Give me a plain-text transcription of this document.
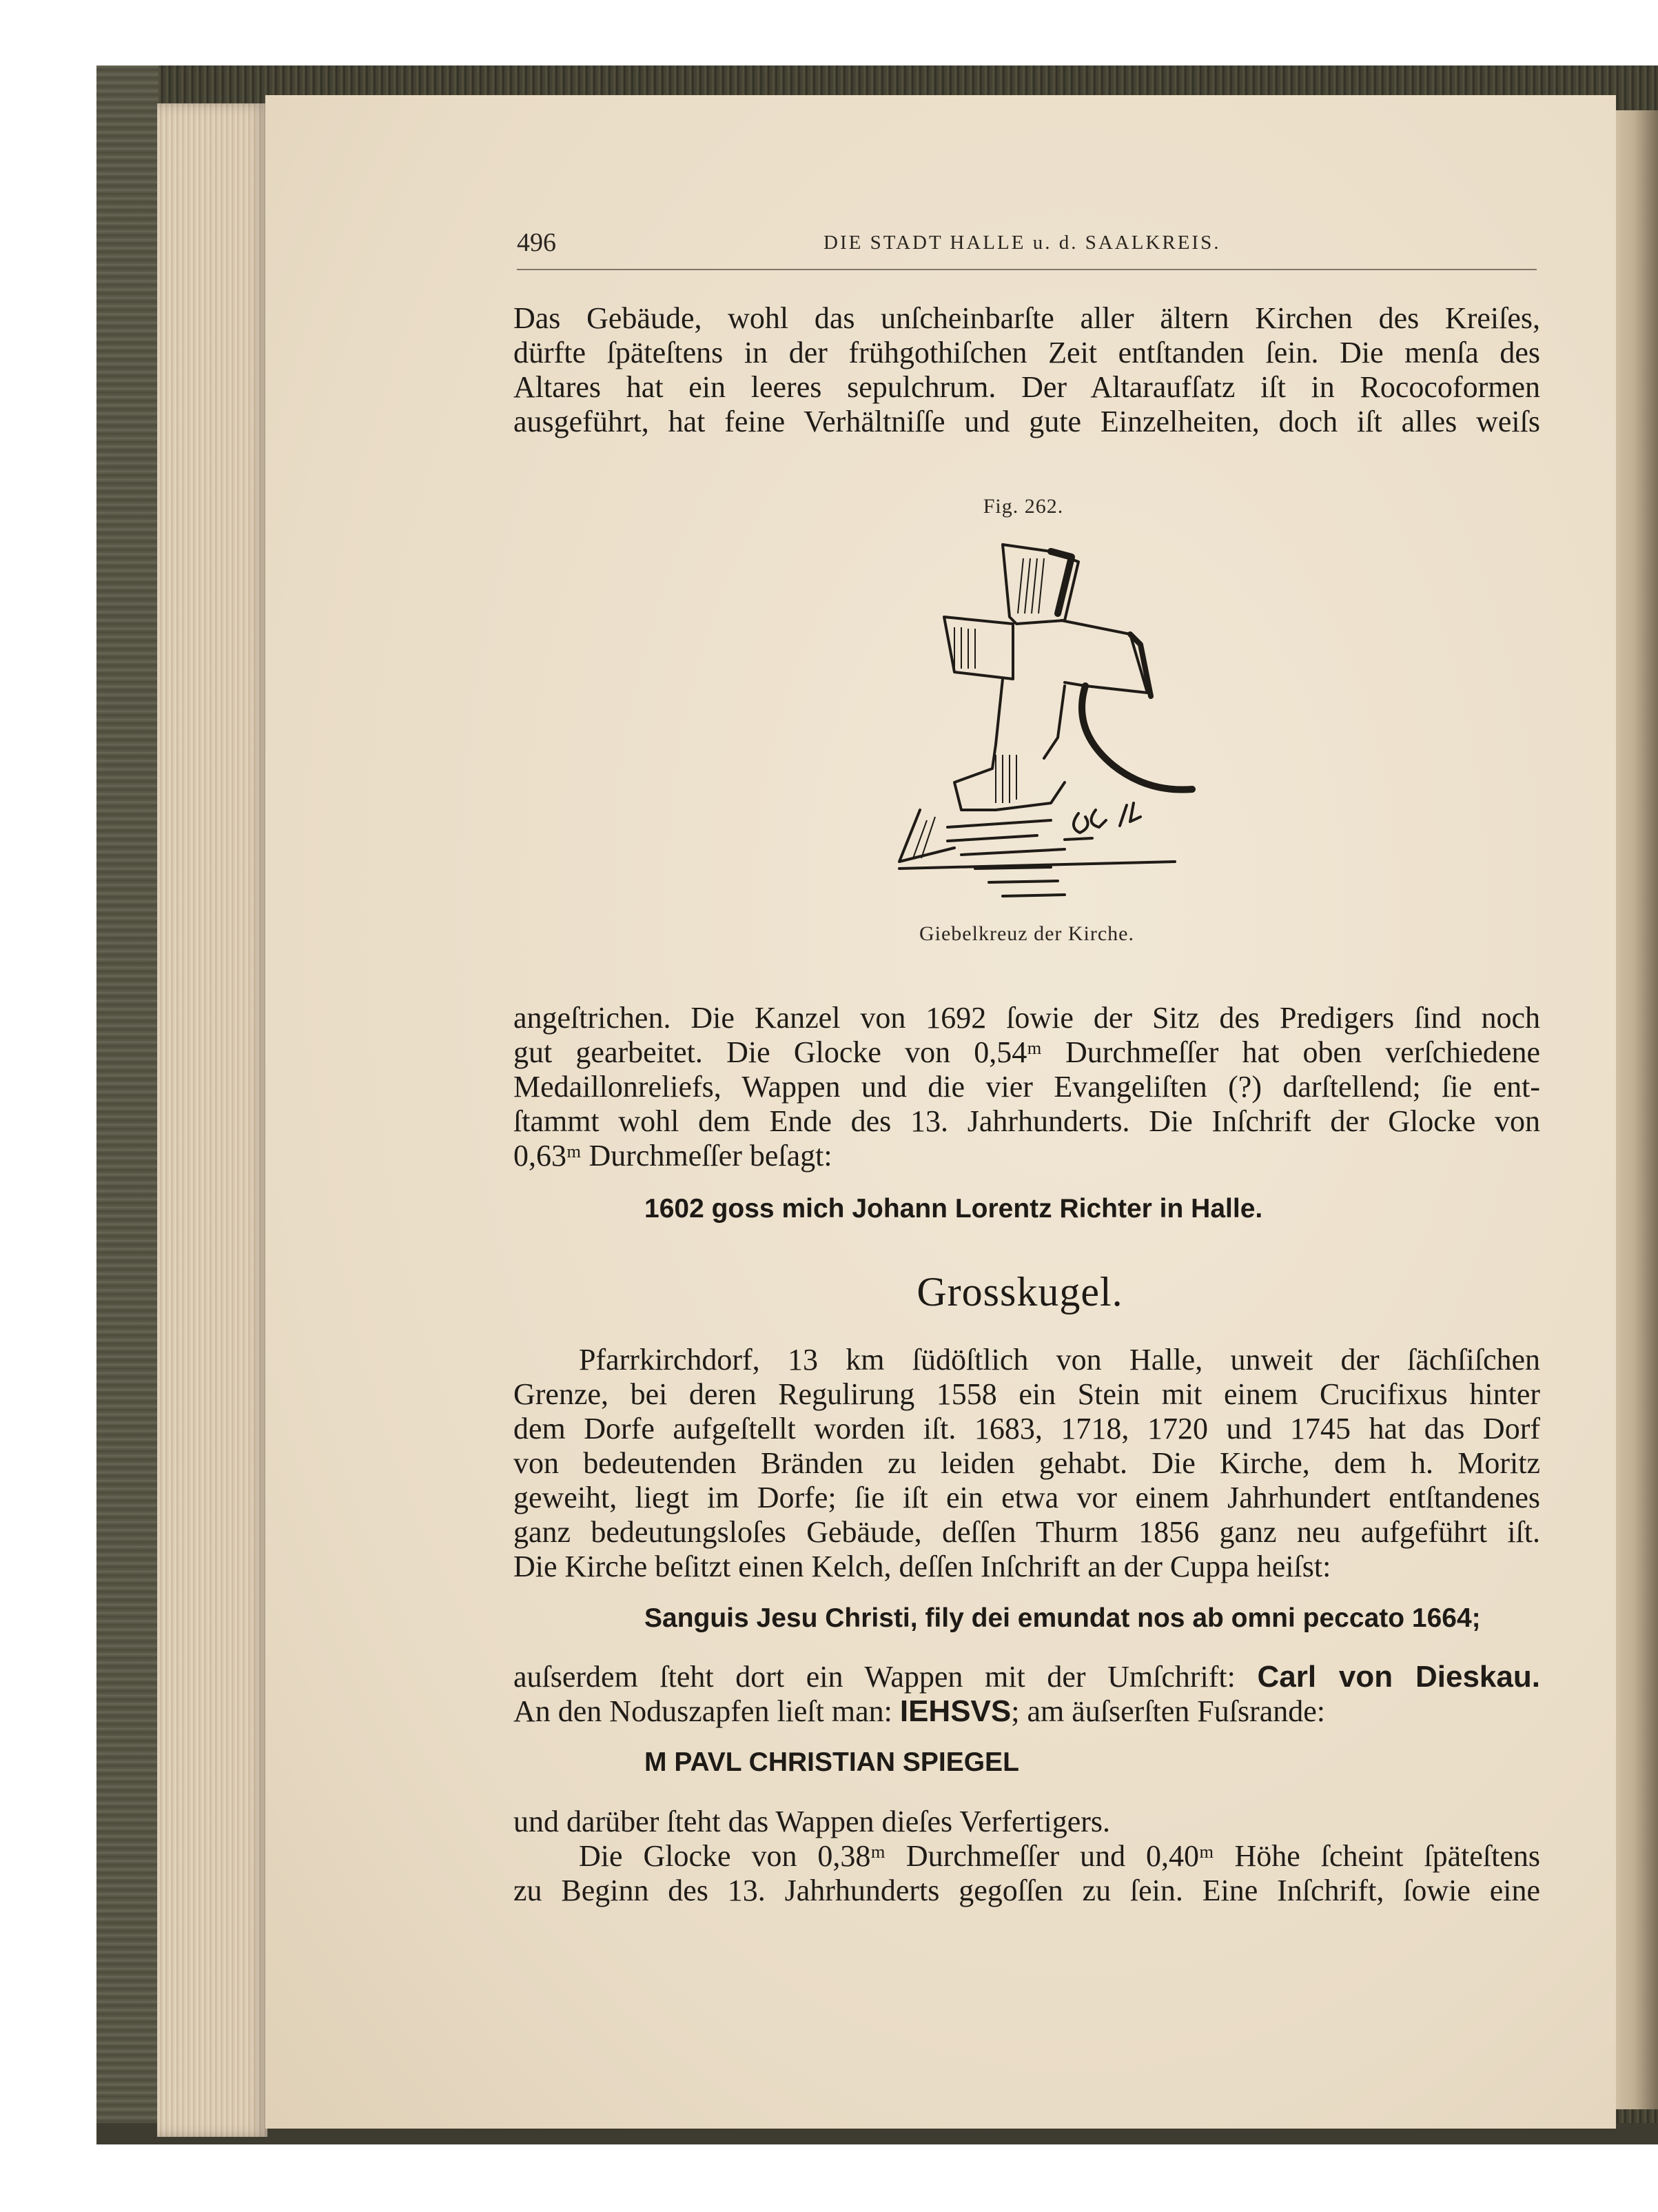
496	DIE STADT HALLE u. d. SAALKREIS.
Das Gebäude, wohl das unſcheinbarſte aller ältern Kirchen des Kreiſes,
dürfte ſpäteſtens in der frühgothiſchen Zeit entſtanden ſein. Die menſa des
Altares hat ein leeres sepulchrum. Der Altaraufſatz iſt in Rococoformen
ausgeführt, hat feine Verhältniſſe und gute Einzelheiten, doch iſt alles weiſs
Fig. 262.
Giebelkreuz der Kirche.
angeſtrichen. Die Kanzel von 1692 ſowie der Sitz des Predigers ſind noch
gut gearbeitet. Die Glocke von 0,54ᵐ Durchmeſſer hat oben verſchiedene
Medaillonreliefs, Wappen und die vier Evangeliſten (?) darſtellend; ſie ent-
ſtammt wohl dem Ende des 13. Jahrhunderts. Die Inſchrift der Glocke von
0,63ᵐ Durchmeſſer beſagt:
1602 goss mich Johann Lorentz Richter in Halle.
Grosskugel.
Pfarrkirchdorf, 13 km ſüdöſtlich von Halle, unweit der ſächſiſchen
Grenze, bei deren Regulirung 1558 ein Stein mit einem Crucifixus hinter
dem Dorfe aufgeſtellt worden iſt. 1683, 1718, 1720 und 1745 hat das Dorf
von bedeutenden Bränden zu leiden gehabt. Die Kirche, dem h. Moritz
geweiht, liegt im Dorfe; ſie iſt ein etwa vor einem Jahrhundert entſtandenes
ganz bedeutungsloſes Gebäude, deſſen Thurm 1856 ganz neu aufgeführt iſt.
Die Kirche beſitzt einen Kelch, deſſen Inſchrift an der Cuppa heiſst:
Sanguis Jesu Christi, fily dei emundat nos ab omni peccato 1664;
auſserdem ſteht dort ein Wappen mit der Umſchrift: Carl von Dieskau.
An den Noduszapfen lieſt man: IEHSVS; am äuſserſten Fuſsrande:
M PAVL CHRISTIAN SPIEGEL
und darüber ſteht das Wappen dieſes Verfertigers.
Die Glocke von 0,38ᵐ Durchmeſſer und 0,40ᵐ Höhe ſcheint ſpäteſtens
zu Beginn des 13. Jahrhunderts gegoſſen zu ſein. Eine Inſchrift, ſowie eine
